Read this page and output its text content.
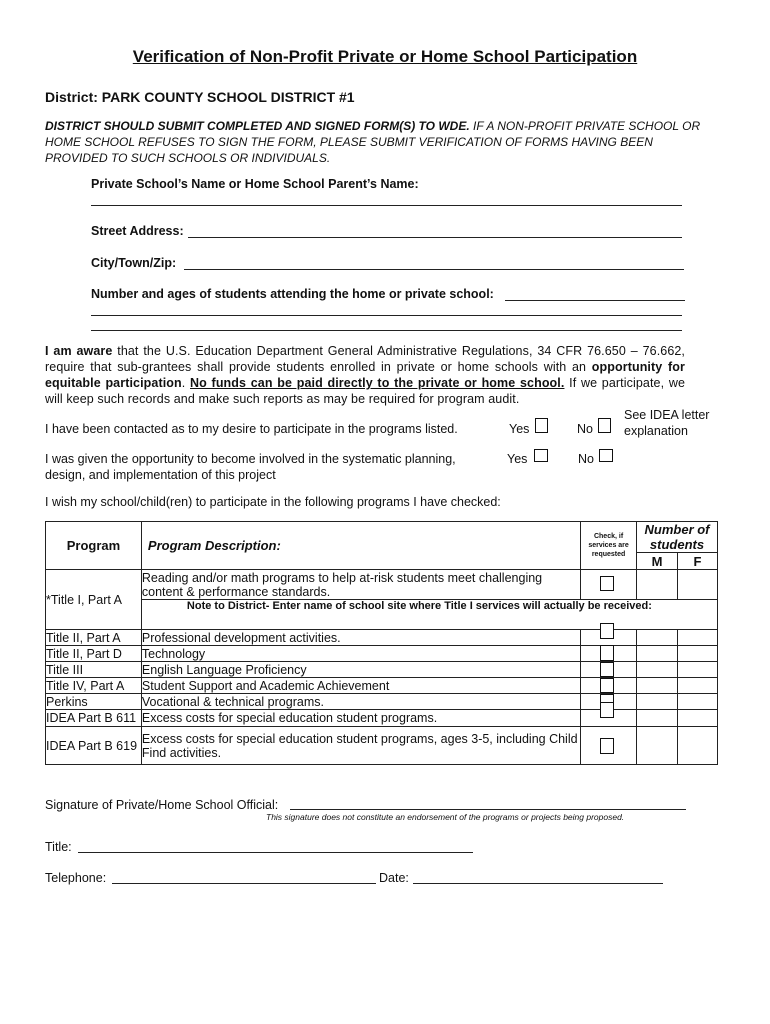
Verification of Non-Profit Private or Home School Participation
District: PARK COUNTY SCHOOL DISTRICT #1
DISTRICT SHOULD SUBMIT COMPLETED AND SIGNED FORM(S) TO WDE. IF A NON-PROFIT PRIVATE SCHOOL OR HOME SCHOOL REFUSES TO SIGN THE FORM, PLEASE SUBMIT VERIFICATION OF FORMS HAVING BEEN PROVIDED TO SUCH SCHOOLS OR INDIVIDUALS.
Private School’s Name or Home School Parent’s Name:
Street Address:
City/Town/Zip:
Number and ages of students attending the home or private school:
I am aware that the U.S. Education Department General Administrative Regulations, 34 CFR 76.650 – 76.662, require that sub-grantees shall provide students enrolled in private or home schools with an opportunity for equitable participation. No funds can be paid directly to the private or home school. If we participate, we will keep such records and make such reports as may be required for program audit.
I have been contacted as to my desire to participate in the programs listed.	Yes	No
See IDEA letter explanation
I was given the opportunity to become involved in the systematic planning, design, and implementation of this project
Yes	No
I wish my school/child(ren) to participate in the following programs I have checked:
Program	Program Description:	Check, if services are requested	Number of students	
			M	F
*Title I, Part A	Reading and/or math programs to help at-risk students meet challenging content & performance standards.	

	Note to District- Enter name of school site where Title I services will actually be received:			
Title II, Part A	Professional development activities.	

Title II, Part D	Technology	

Title III	English Language Proficiency	

Title IV, Part A	Student Support and Academic Achievement	

Perkins	Vocational & technical programs.	

IDEA Part B 611	Excess costs for special education student programs.	

IDEA Part B 619	Excess costs for special education student programs, ages 3-5, including Child Find activities.	

Signature of Private/Home School Official:
This signature does not constitute an endorsement of the programs or projects being proposed.
Title:
Telephone:	Date:
